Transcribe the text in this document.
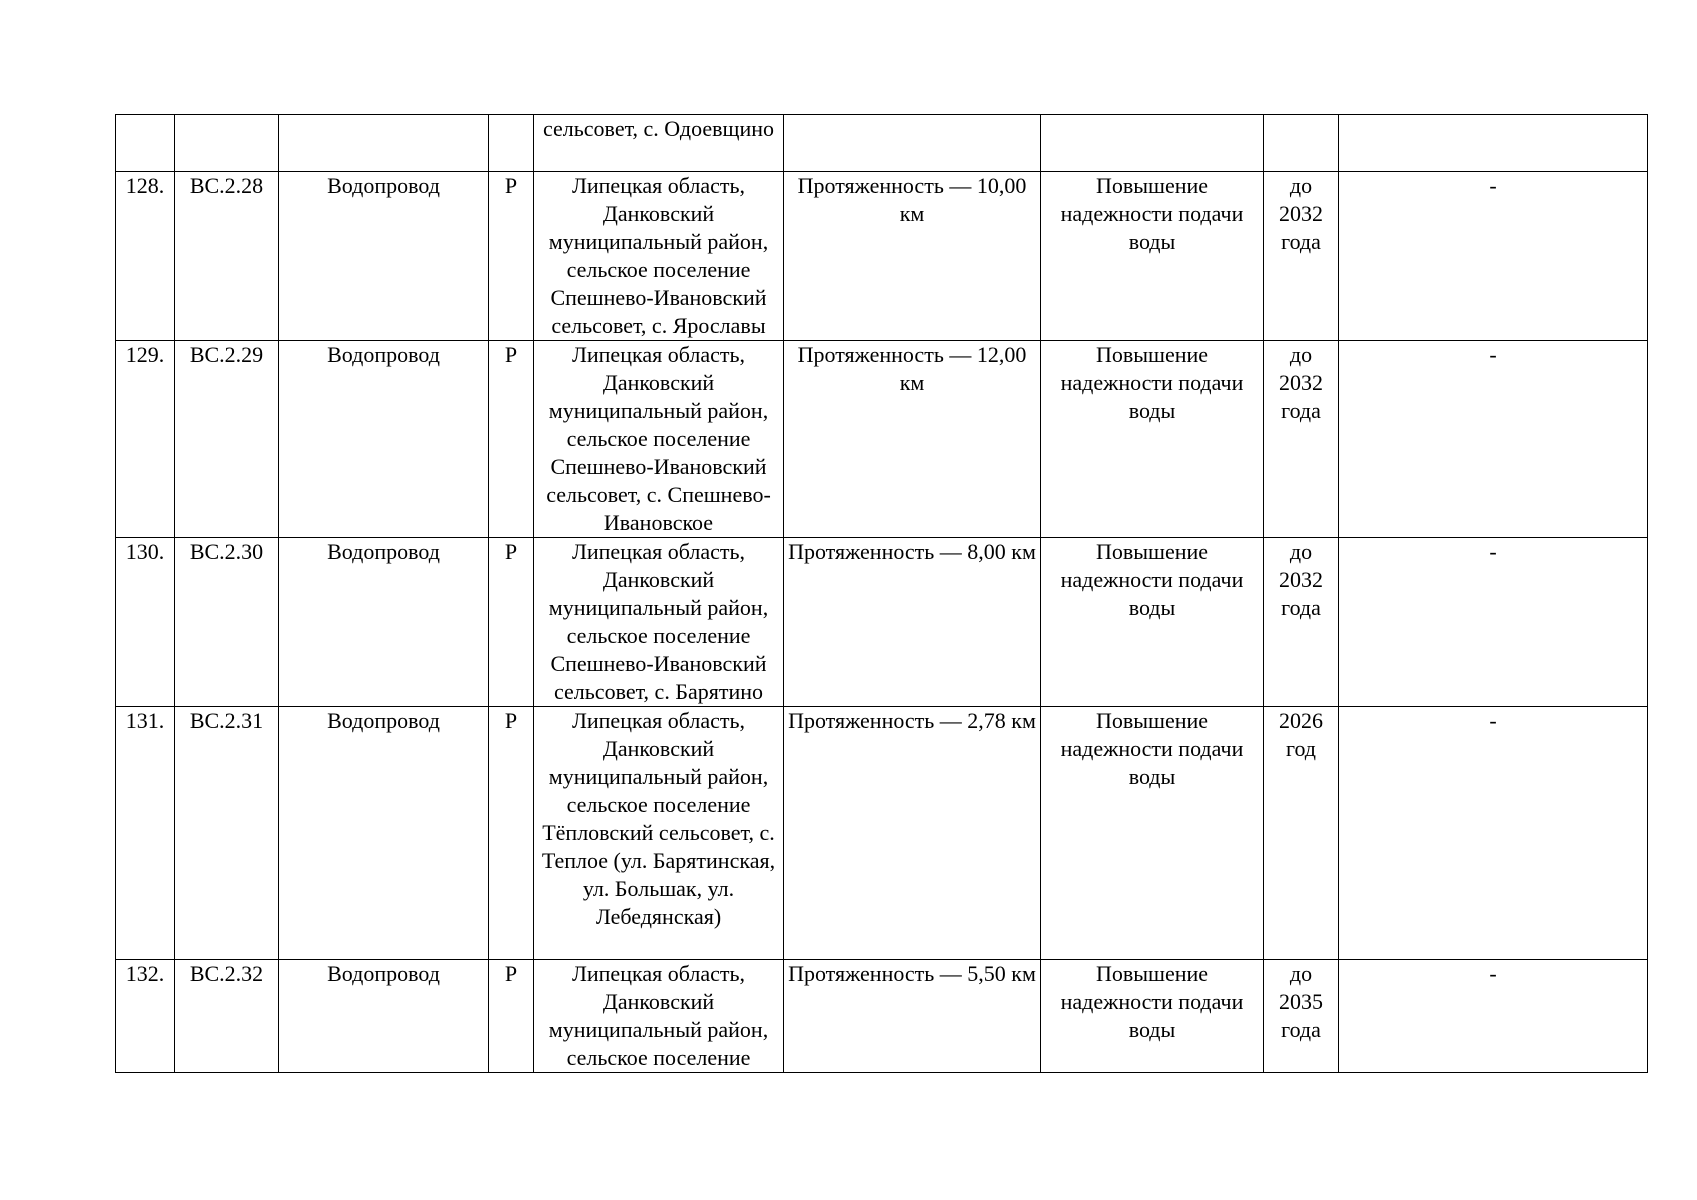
				сельсовет, с. Одоевщино				
128.	ВС.2.28	Водопровод	Р	Липецкая область, Данковский муниципальный район, сельское поселение Спешнево-Ивановский сельсовет, с. Ярославы	Протяженность — 10,00 км	Повышение надежности подачи воды	до 2032 года	-
129.	ВС.2.29	Водопровод	Р	Липецкая область, Данковский муниципальный район, сельское поселение Спешнево-Ивановский сельсовет, с. Спешнево-Ивановское	Протяженность — 12,00 км	Повышение надежности подачи воды	до 2032 года	-
130.	ВС.2.30	Водопровод	Р	Липецкая область, Данковский муниципальный район, сельское поселение Спешнево-Ивановский сельсовет, с. Барятино	Протяженность — 8,00 км	Повышение надежности подачи воды	до 2032 года	-
131.	ВС.2.31	Водопровод	Р	Липецкая область, Данковский муниципальный район, сельское поселение Тёпловский сельсовет, с. Теплое (ул. Барятинская, ул. Большак, ул. Лебедянская)	Протяженность — 2,78 км	Повышение надежности подачи воды	2026 год	-
132.	ВС.2.32	Водопровод	Р	Липецкая область, Данковский муниципальный район, сельское поселение	Протяженность — 5,50 км	Повышение надежности подачи воды	до 2035 года	-
